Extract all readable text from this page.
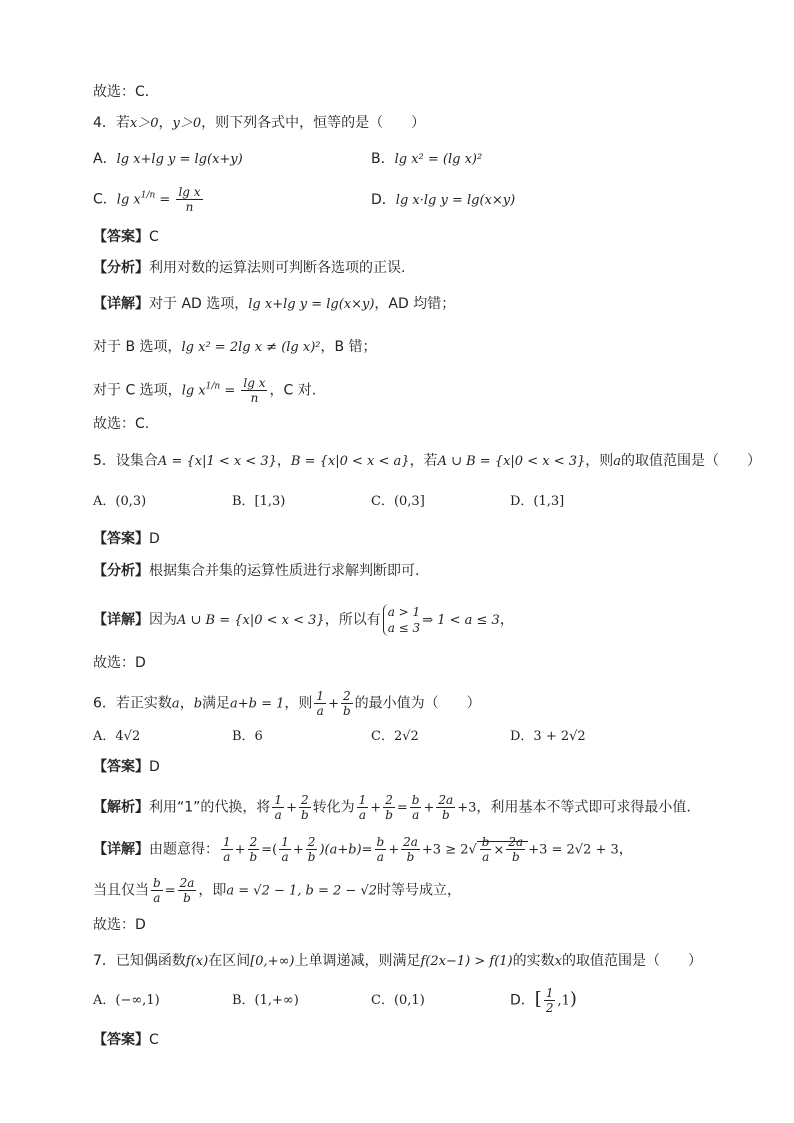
故选：C．
4．若x＞0，y＞0，则下列各式中，恒等的是（　　）
A．lg x+lg y = lg(x+y)	B．lg x² = (lg x)²
C．$\lg x^{1/n} = \frac{\text{lg x}}{n}$	D．lg x·lg y = lg(x×y)
【答案】C
【分析】利用对数的运算法则可判断各选项的正误.
【详解】对于 AD 选项，lg x+lg y = lg(x×y)，AD 均错；
对于 B 选项，lg x² = 2lg x ≠ (lg x)²，B 错；
对于 C 选项，$\lg x^{1/n} = \frac{\text{lg x}}{n}$ ，C 对.
故选：C.
5．设集合A = {x|1 < x < 3}，B = {x|0 < x < a}，若A ∪ B = {x|0 < x < 3}，则a的取值范围是（　　）
A．(0,3)	B．[1,3)	C．(0,3]	D．(1,3]
【答案】D
【分析】根据集合并集的运算性质进行求解判断即可.
【详解】因为A ∪ B = {x|0 < x < 3}，所以有 a > 1
a ≤ 3 ⇒ 1 < a ≤ 3，
故选：D
6．若正实数a，b满足a+b = 1，则 $\frac{1}{a} + \frac{2}{b}$ 的最小值为（　　）
A．4√2	B．6	C．2√2	D．3 + 2√2
【答案】D
【解析】利用“1”的代换，将 $\frac{1}{a} + \frac{2}{b}$ 转化为 $\frac{1}{a} + \frac{2}{b} = \frac{b}{a} + \frac{2a}{b} +3$，利用基本不等式即可求得最小值.
【详解】由题意得： $\frac{1}{a} + \frac{2}{b}$ =( $\frac{1}{a} + \frac{2}{b} )(a+b)= \frac{b}{a} + \frac{2a}{b} +3 \ge 2√ \frac{b}{a} \times \frac{2a}{b} +3 = 2√2 + 3$，
当且仅当 $\frac{b}{a} = \frac{2a}{b}$ ，即a = √2 − 1, b = 2 − √2时等号成立，
故选：D
7．已知偶函数f(x)在区间[0,+∞)上单调递减，则满足f(2x−1) > f(1)的实数x的取值范围是（　　）
A．(−∞,1)	B．(1,+∞)	C．(0,1)	D．[ $\frac{1}{2} ,1$)
【答案】C
